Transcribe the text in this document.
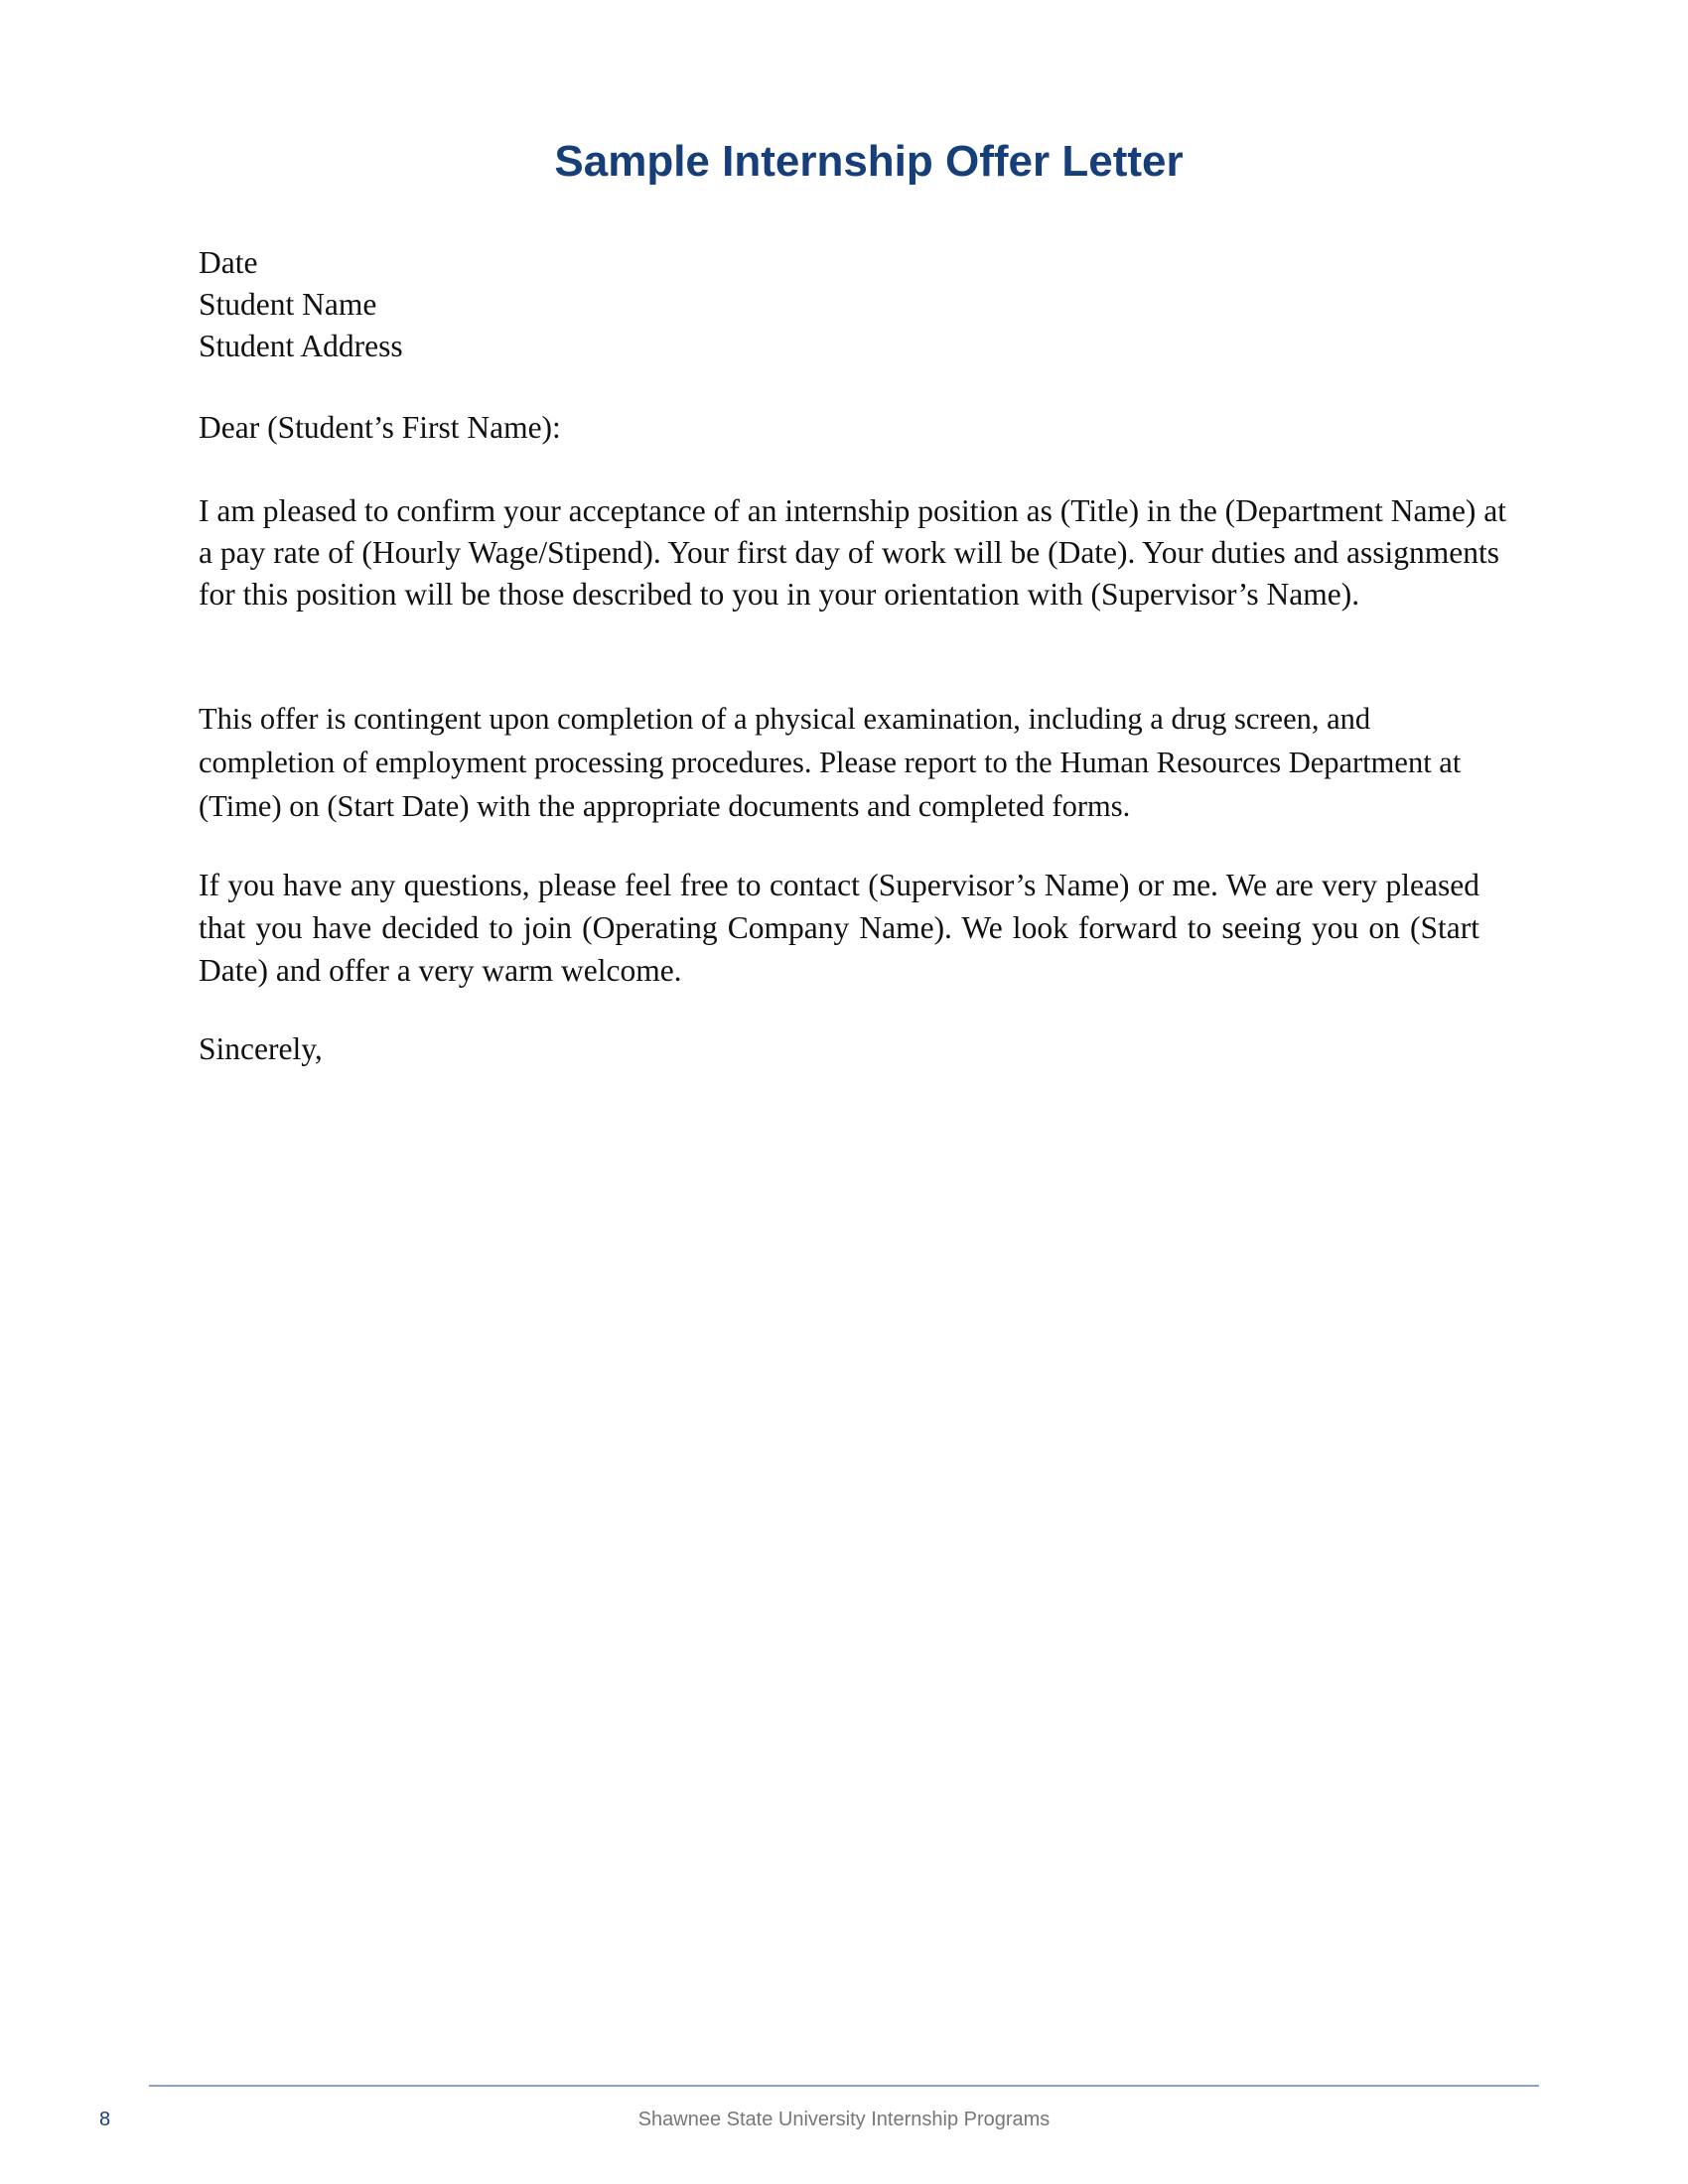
Sample Internship Offer Letter
Date
Student Name
Student Address

Dear (Student’s First Name):

I am pleased to confirm your acceptance of an internship position as (Title) in the (Department Name) at a pay rate of (Hourly Wage/Stipend). Your first day of work will be (Date). Your duties and assignments for this position will be those described to you in your orientation with (Supervisor’s Name).

This offer is contingent upon completion of a physical examination, including a drug screen, and completion of employment processing procedures. Please report to the Human Resources Department at (Time) on (Start Date) with the appropriate documents and completed forms.

If you have any questions, please feel free to contact (Supervisor’s Name) or me. We are very pleased that you have decided to join (Operating Company Name). We look forward to seeing you on (Start Date) and offer a very warm welcome.

Sincerely,

8	Shawnee State University Internship Programs
